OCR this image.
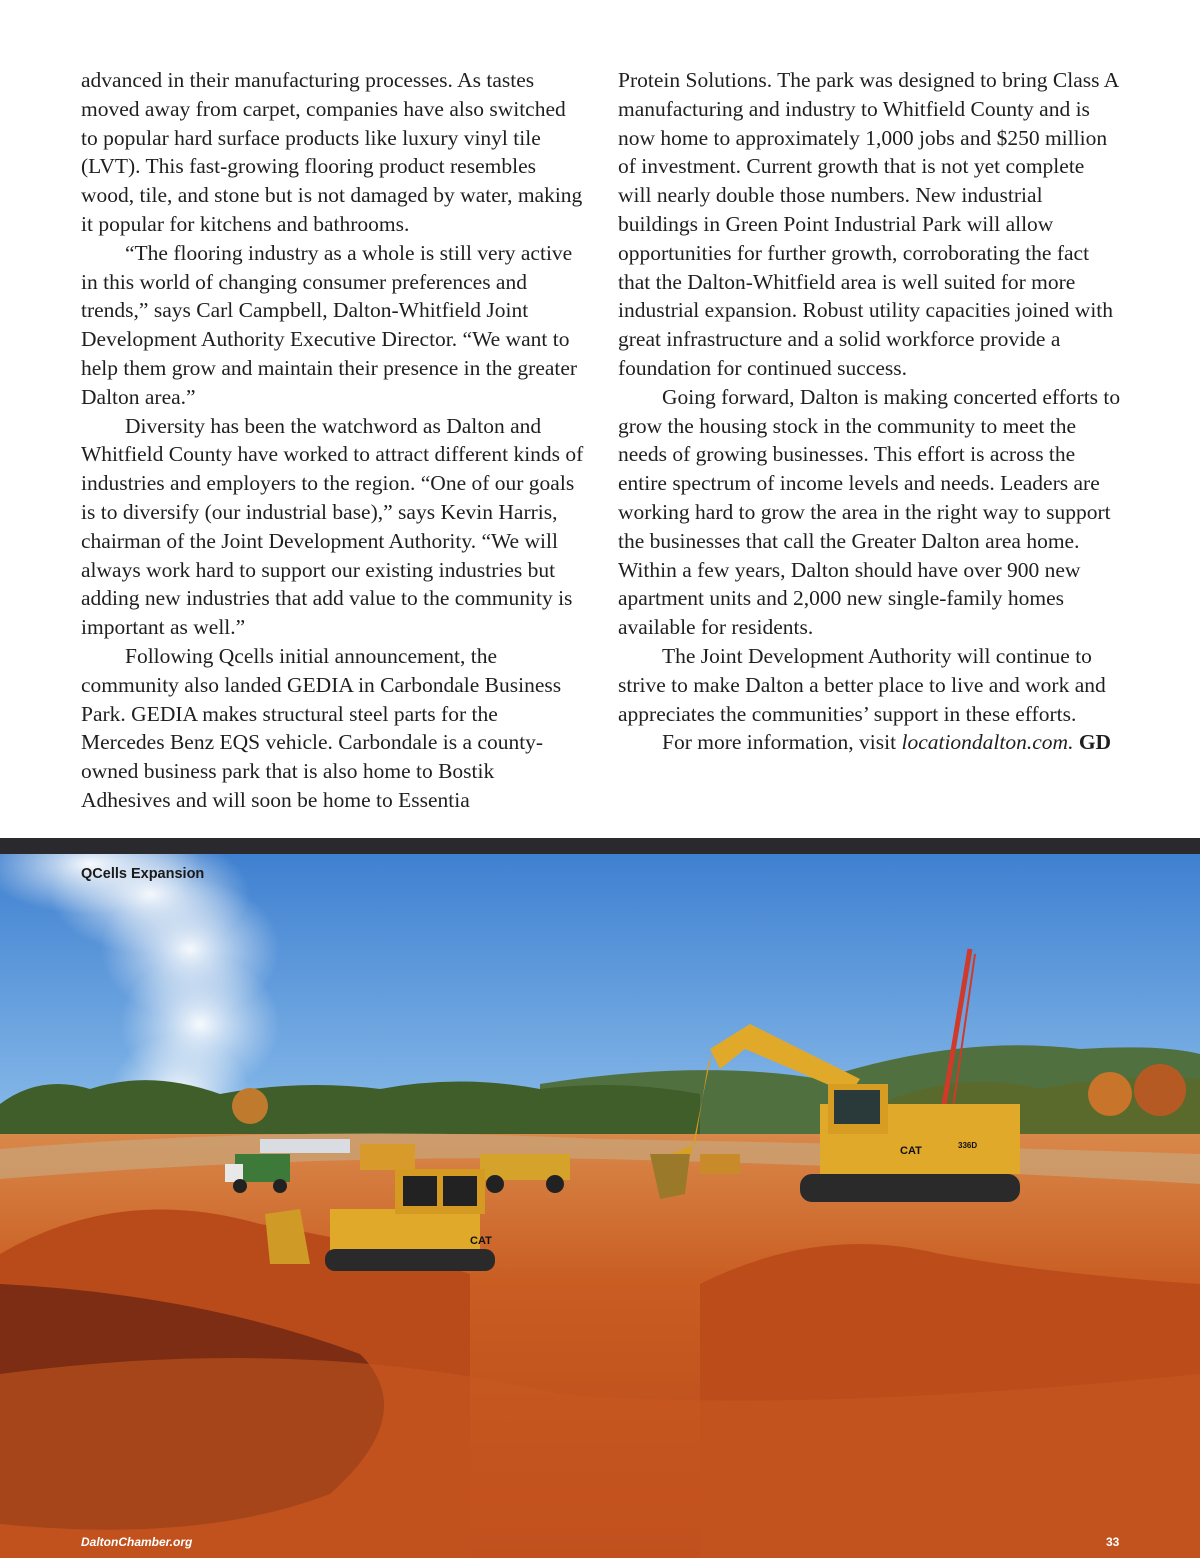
advanced in their manufacturing processes. As tastes moved away from carpet, companies have also switched to popular hard surface products like luxury vinyl tile (LVT). This fast-growing flooring product resembles wood, tile, and stone but is not damaged by water, making it popular for kitchens and bathrooms.

“The flooring industry as a whole is still very active in this world of changing consumer preferences and trends,” says Carl Campbell, Dalton-Whitfield Joint Development Authority Executive Director. “We want to help them grow and maintain their presence in the greater Dalton area.”

Diversity has been the watchword as Dalton and Whitfield County have worked to attract different kinds of industries and employers to the region. “One of our goals is to diversify (our industrial base),” says Kevin Harris, chairman of the Joint Development Authority. “We will always work hard to support our existing industries but adding new industries that add value to the community is important as well.”

Following Qcells initial announcement, the community also landed GEDIA in Carbondale Business Park. GEDIA makes structural steel parts for the Mercedes Benz EQS vehicle. Carbondale is a county-owned business park that is also home to Bostik Adhesives and will soon be home to Essentia

Protein Solutions. The park was designed to bring Class A manufacturing and industry to Whitfield County and is now home to approximately 1,000 jobs and $250 million of investment. Current growth that is not yet complete will nearly double those numbers. New industrial buildings in Green Point Industrial Park will allow opportunities for further growth, corroborating the fact that the Dalton-Whitfield area is well suited for more industrial expansion. Robust utility capacities joined with great infrastructure and a solid workforce provide a foundation for continued success.

Going forward, Dalton is making concerted efforts to grow the housing stock in the community to meet the needs of growing businesses. This effort is across the entire spectrum of income levels and needs. Leaders are working hard to grow the area in the right way to support the businesses that call the Greater Dalton area home. Within a few years, Dalton should have over 900 new apartment units and 2,000 new single-family homes available for residents.

The Joint Development Authority will continue to strive to make Dalton a better place to live and work and appreciates the communities’ support in these efforts.

For more information, visit locationdalton.com. GD

CAT
CAT	336D
QCells Expansion
DaltonChamber.org	33
